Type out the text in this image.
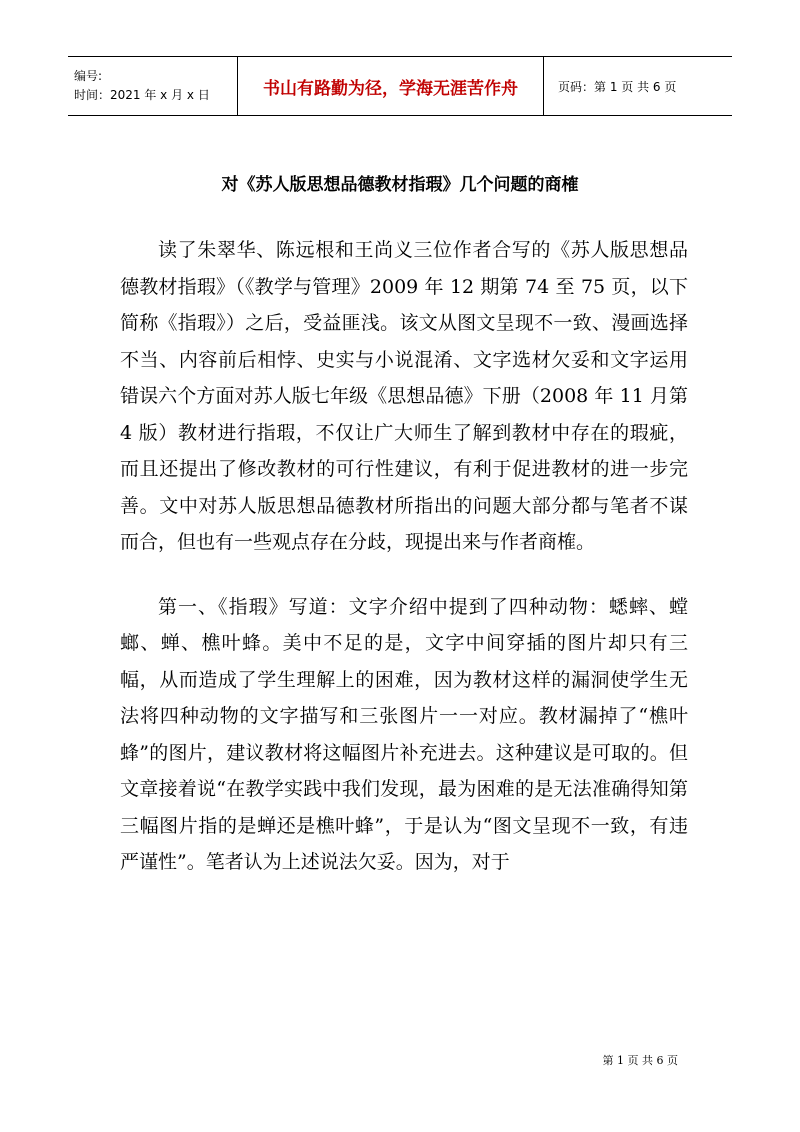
编号:
时间：2021 年 x 月 x 日	书山有路勤为径，学海无涯苦作舟	页码：第 1 页 共 6 页
对《苏人版思想品德教材指瑕》几个问题的商榷

读了朱翠华、陈远根和王尚义三位作者合写的《苏人版思想品德教材指瑕》（《教学与管理》2009 年 12 期第 74 至 75 页，以下简称《指瑕》）之后，受益匪浅。该文从图文呈现不一致、漫画选择不当、内容前后相悖、史实与小说混淆、文字选材欠妥和文字运用错误六个方面对苏人版七年级《思想品德》下册（2008 年 11 月第 4 版）教材进行指瑕，不仅让广大师生了解到教材中存在的瑕疵，而且还提出了修改教材的可行性建议，有利于促进教材的进一步完善。文中对苏人版思想品德教材所指出的问题大部分都与笔者不谋而合，但也有一些观点存在分歧，现提出来与作者商榷。

第一、《指瑕》写道：文字介绍中提到了四种动物：蟋蟀、螳螂、蝉、樵叶蜂。美中不足的是，文字中间穿插的图片却只有三幅，从而造成了学生理解上的困难，因为教材这样的漏洞使学生无法将四种动物的文字描写和三张图片一一对应。教材漏掉了“樵叶蜂”的图片，建议教材将这幅图片补充进去。这种建议是可取的。但文章接着说“在教学实践中我们发现，最为困难的是无法准确得知第三幅图片指的是蝉还是樵叶蜂”，于是认为“图文呈现不一致，有违严谨性”。笔者认为上述说法欠妥。因为，对于

第 1 页 共 6 页
